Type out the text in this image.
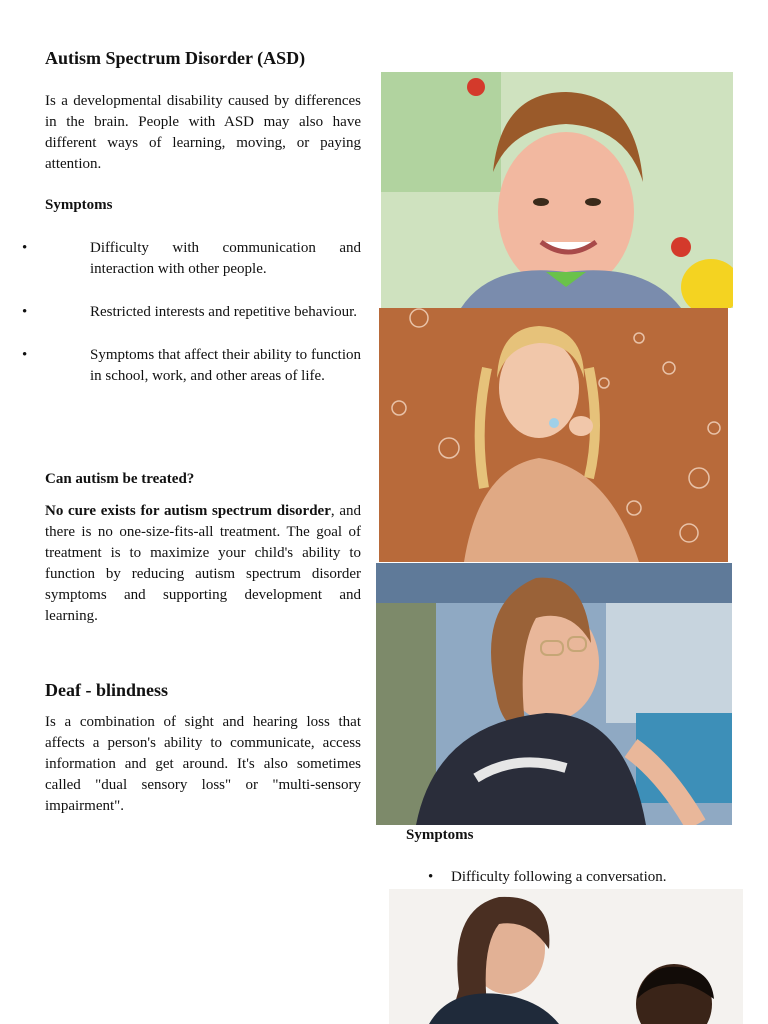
Autism Spectrum Disorder (ASD)

Is a developmental disability caused by differences in the brain. People with ASD may also have different ways of learning, moving, or paying attention.

Symptoms
• Difficulty with communication and interaction with other people.
• Restricted interests and repetitive behaviour.
• Symptoms that affect their ability to function in school, work, and other areas of life.
Can autism be treated?

No cure exists for autism spectrum disorder, and there is no one-size-fits-all treatment. The goal of treatment is to maximize your child's ability to function by reducing autism spectrum disorder symptoms and supporting development and learning.

Deaf - blindness

Is a combination of sight and hearing loss that affects a person's ability to communicate, access information and get around. It's also sometimes called "dual sensory loss" or "multi-sensory impairment".

Symptoms
• Difficulty following a conversation.
